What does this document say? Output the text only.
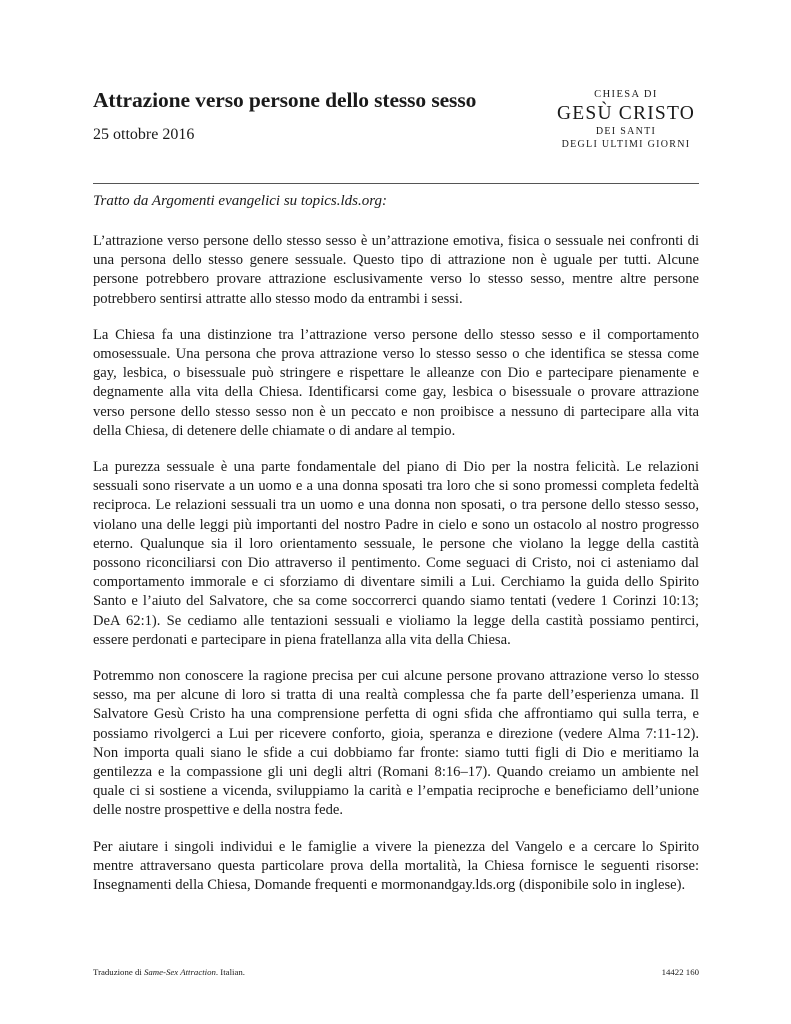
Attrazione verso persone dello stesso sesso

25 ottobre 2016

CHIESA DI
GESÙ CRISTO
DEI SANTI
DEGLI ULTIMI GIORNI

Tratto da Argomenti evangelici su topics.lds.org:

L’attrazione verso persone dello stesso sesso è un’attrazione emotiva, fisica o sessuale nei confronti di una persona dello stesso genere sessuale. Questo tipo di attrazione non è uguale per tutti. Alcune persone potrebbero provare attrazione esclusivamente verso lo stesso sesso, mentre altre persone potrebbero sentirsi attratte allo stesso modo da entrambi i sessi.

La Chiesa fa una distinzione tra l’attrazione verso persone dello stesso sesso e il comportamento omosessuale. Una persona che prova attrazione verso lo stesso sesso o che identifica se stessa come gay, lesbica, o bisessuale può stringere e rispettare le alleanze con Dio e partecipare pienamente e degnamente alla vita della Chiesa. Identificarsi come gay, lesbica o bisessuale o provare attrazione verso persone dello stesso sesso non è un peccato e non proibisce a nessuno di partecipare alla vita della Chiesa, di detenere delle chiamate o di andare al tempio.

La purezza sessuale è una parte fondamentale del piano di Dio per la nostra felicità. Le relazioni sessuali sono riservate a un uomo e a una donna sposati tra loro che si sono promessi completa fedeltà reciproca. Le relazioni sessuali tra un uomo e una donna non sposati, o tra persone dello stesso sesso, violano una delle leggi più importanti del nostro Padre in cielo e sono un ostacolo al nostro progresso eterno. Qualunque sia il loro orientamento sessuale, le persone che violano la legge della castità possono riconciliarsi con Dio attraverso il pentimento. Come seguaci di Cristo, noi ci asteniamo dal comportamento immorale e ci sforziamo di diventare simili a Lui. Cerchiamo la guida dello Spirito Santo e l’aiuto del Salvatore, che sa come soccorrerci quando siamo tentati (vedere 1 Corinzi 10:13; DeA 62:1). Se cediamo alle tentazioni sessuali e violiamo la legge della castità possiamo pentirci, essere perdonati e partecipare in piena fratellanza alla vita della Chiesa.

Potremmo non conoscere la ragione precisa per cui alcune persone provano attrazione verso lo stesso sesso, ma per alcune di loro si tratta di una realtà complessa che fa parte dell’esperienza umana. Il Salvatore Gesù Cristo ha una comprensione perfetta di ogni sfida che affrontiamo qui sulla terra, e possiamo rivolgerci a Lui per ricevere conforto, gioia, speranza e direzione (vedere Alma 7:11-12). Non importa quali siano le sfide a cui dobbiamo far fronte: siamo tutti figli di Dio e meritiamo la gentilezza e la compassione gli uni degli altri (Romani 8:16–17). Quando creiamo un ambiente nel quale ci si sostiene a vicenda, sviluppiamo la carità e l’empatia reciproche e beneficiamo dell’unione delle nostre prospettive e della nostra fede.

Per aiutare i singoli individui e le famiglie a vivere la pienezza del Vangelo e a cercare lo Spirito mentre attraversano questa particolare prova della mortalità, la Chiesa fornisce le seguenti risorse: Insegnamenti della Chiesa, Domande frequenti e mormonandgay.lds.org (disponibile solo in inglese).

Traduzione di Same-Sex Attraction. Italian.	14422 160
